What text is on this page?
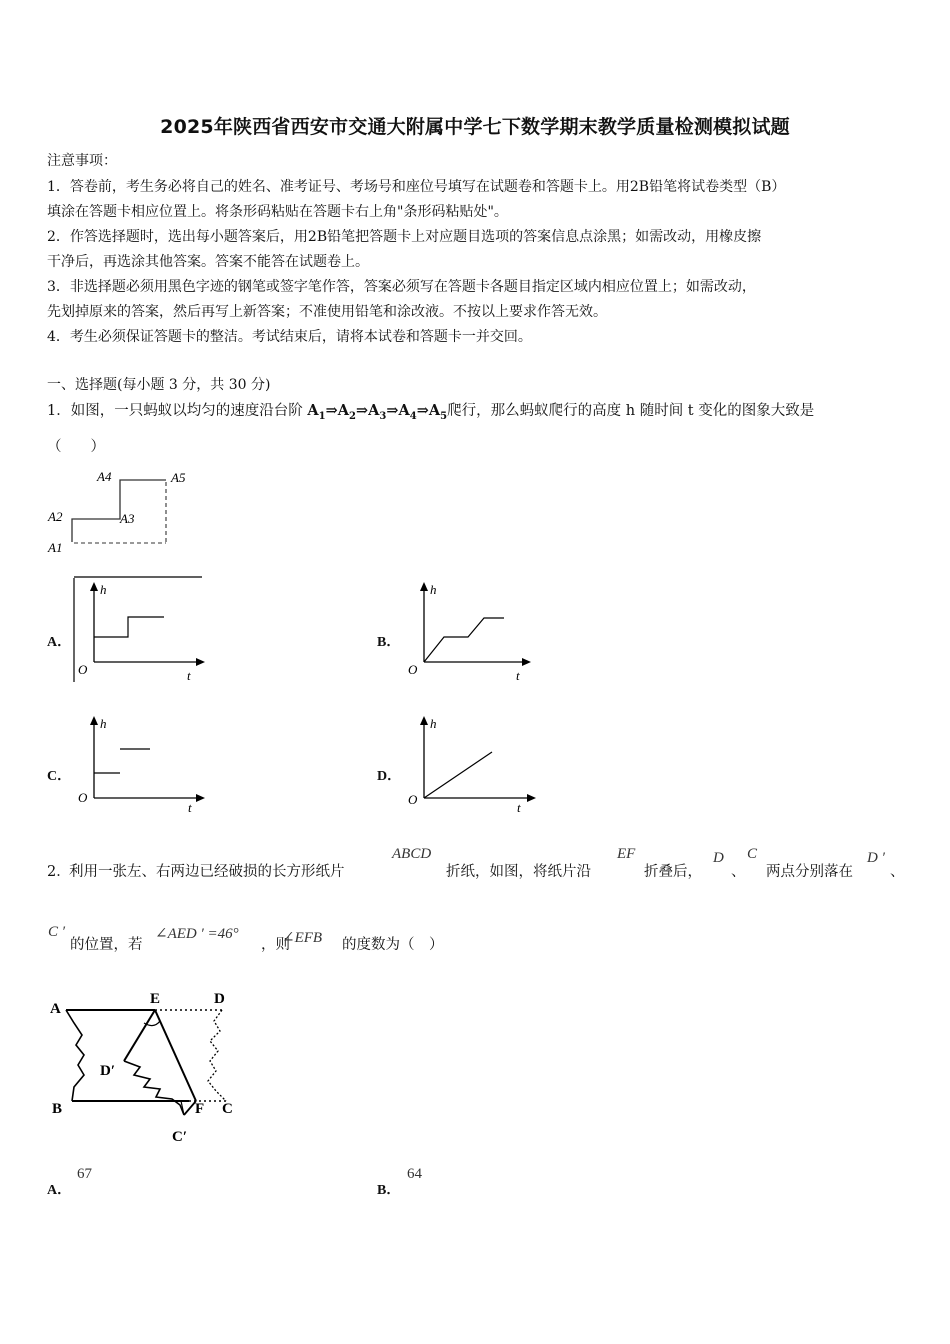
2025年陕西省西安市交通大附属中学七下数学期末教学质量检测模拟试题
注意事项：
1．答卷前，考生务必将自己的姓名、准考证号、考场号和座位号填写在试题卷和答题卡上。用2B铅笔将试卷类型（B）
填涂在答题卡相应位置上。将条形码粘贴在答题卡右上角"条形码粘贴处"。
2．作答选择题时，选出每小题答案后，用2B铅笔把答题卡上对应题目选项的答案信息点涂黑；如需改动，用橡皮擦
干净后，再选涂其他答案。答案不能答在试题卷上。
3．非选择题必须用黑色字迹的钢笔或签字笔作答，答案必须写在答题卡各题目指定区域内相应位置上；如需改动，
先划掉原来的答案，然后再写上新答案；不准使用铅笔和涂改液。不按以上要求作答无效。
4．考生必须保证答题卡的整洁。考试结束后，请将本试卷和答题卡一并交回。
一、选择题(每小题 3 分，共 30 分)
1．如图，一只蚂蚁以均匀的速度沿台阶 $A_1\Rightarrow A_2\Rightarrow A_3\Rightarrow A_4\Rightarrow A_5$爬行，那么蚂蚁爬行的高度 h 随时间 t 变化的图象大致是
（　　）
A1
A2	A3
A4	A5
A．
h
O	t
B．
h
O	t
C．
h
O
t
D．
h
O
t
2．
利用一张左、右两边已经破损的长方形纸片
ABCD
折纸，如图，将纸片沿
EF
折叠后，
D
、
C
两点分别落在
D ′
、
C ′
的位置，若
∠AED ′ =46°
，则
∠EFB 的度数为（　）
A
E	D
D′
B	F C
C′
A．
67
B．
64
